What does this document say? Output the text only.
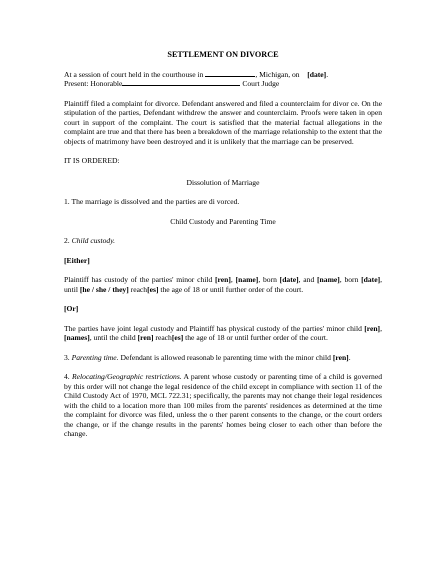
SETTLEMENT ON DIVORCE

At a session of court held in the courthouse in	, Michigan, on [date].

Present: Honorable	Court Judge

Plaintiff filed a complaint for divorce. Defendant answered and filed a counterclaim for divor ce. On the stipulation of the parties, Defendant withdrew the answer and counterclaim. Proofs were taken in open court in support of the complaint. The court is satisfied that the material factual allegations in the complaint are true and that there has been a breakdown of the marriage relationship to the extent that the objects of matrimony have been destroyed and it is unlikely that the marriage can be preserved.

IT IS ORDERED:

Dissolution of Marriage

1. The marriage is dissolved and the parties are di vorced.

Child Custody and Parenting Time

2. Child custody.

[Either]

Plaintiff has custody of the parties' minor child [ren], [name], born [date], and [name], born [date], until [he / she / they] reach[es] the age of 18 or until further order of the court.

[Or]

The parties have joint legal custody and Plaintiff has physical custody of the parties' minor child [ren], [names], until the child [ren] reach[es] the age of 18 or until further order of the court.

3. Parenting time. Defendant is allowed reasonab le parenting time with the minor child [ren].

4. Relocating/Geographic restrictions. A parent whose custody or parenting time of a child is governed by this order will not change the legal residence of the child except in compliance with section 11 of the Child Custody Act of 1970, MCL 722.31; specifically, the parents may not change their legal residences with the child to a location more than 100 miles from the parents' residences as determined at the time the complaint for divorce was filed, unless the o ther parent consents to the change, or the court orders the change, or if the change results in the parents' homes being closer to each other than before the change.
